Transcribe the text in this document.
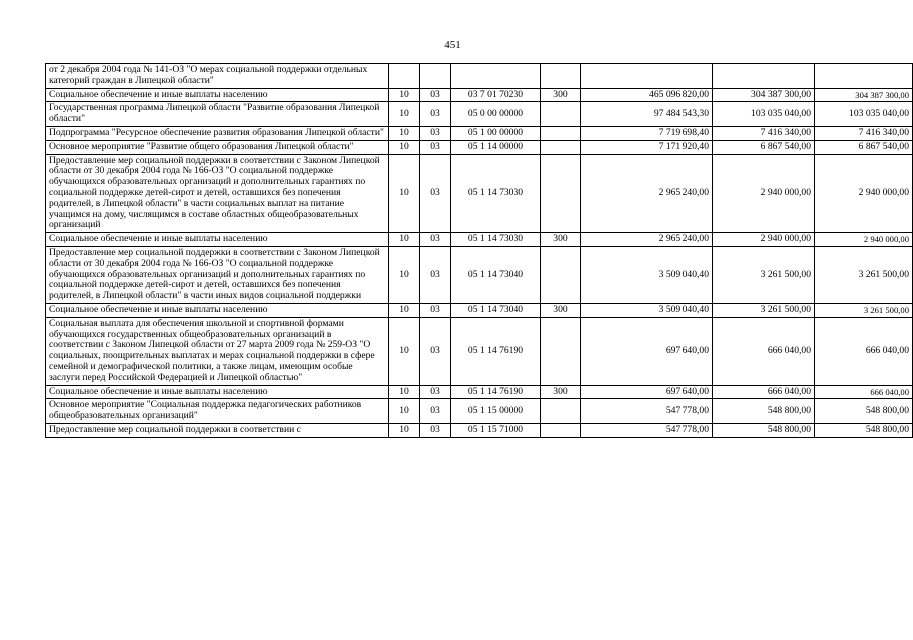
451
от 2 декабря 2004 года № 141-ОЗ "О мерах социальной поддержки отдельных категорий граждан в Липецкой области"							
Социальное обеспечение и иные выплаты населению	10	03	03 7 01 70230	300	465 096 820,00	304 387 300,00	304 387 300,00
Государственная программа Липецкой области "Развитие образования Липецкой области"	10	03	05 0 00 00000		97 484 543,30	103 035 040,00	103 035 040,00
Подпрограмма "Ресурсное обеспечение развития образования Липецкой области"	10	03	05 1 00 00000		7 719 698,40	7 416 340,00	7 416 340,00
Основное мероприятие "Развитие общего образования Липецкой области"	10	03	05 1 14 00000		7 171 920,40	6 867 540,00	6 867 540,00
Предоставление мер социальной поддержки в соответствии с Законом Липецкой области от 30 декабря 2004 года № 166-ОЗ "О социальной поддержке обучающихся образовательных организаций и дополнительных гарантиях по социальной поддержке детей-сирот и детей, оставшихся без попечения родителей, в Липецкой области" в части социальных выплат на питание учащимся на дому, числящимся в составе областных общеобразовательных организаций	10	03	05 1 14 73030		2 965 240,00	2 940 000,00	2 940 000,00
Социальное обеспечение и иные выплаты населению	10	03	05 1 14 73030	300	2 965 240,00	2 940 000,00	2 940 000,00
Предоставление мер социальной поддержки в соответствии с Законом Липецкой области от 30 декабря 2004 года № 166-ОЗ "О социальной поддержке обучающихся образовательных организаций и дополнительных гарантиях по социальной поддержке детей-сирот и детей, оставшихся без попечения родителей, в Липецкой области" в части иных видов социальной поддержки	10	03	05 1 14 73040		3 509 040,40	3 261 500,00	3 261 500,00
Социальное обеспечение и иные выплаты населению	10	03	05 1 14 73040	300	3 509 040,40	3 261 500,00	3 261 500,00
Социальная выплата для обеспечения школьной и спортивной формами обучающихся государственных общеобразовательных организаций в соответствии с Законом Липецкой области от 27 марта 2009 года № 259-ОЗ "О социальных, поощрительных выплатах и мерах социальной поддержки в сфере семейной и демографической политики, а также лицам, имеющим особые заслуги перед Российской Федерацией и Липецкой областью"	10	03	05 1 14 76190		697 640,00	666 040,00	666 040,00
Социальное обеспечение и иные выплаты населению	10	03	05 1 14 76190	300	697 640,00	666 040,00	666 040,00
Основное мероприятие "Социальная поддержка педагогических работников общеобразовательных организаций"	10	03	05 1 15 00000		547 778,00	548 800,00	548 800,00
Предоставление мер социальной поддержки в соответствии с	10	03	05 1 15 71000		547 778,00	548 800,00	548 800,00
